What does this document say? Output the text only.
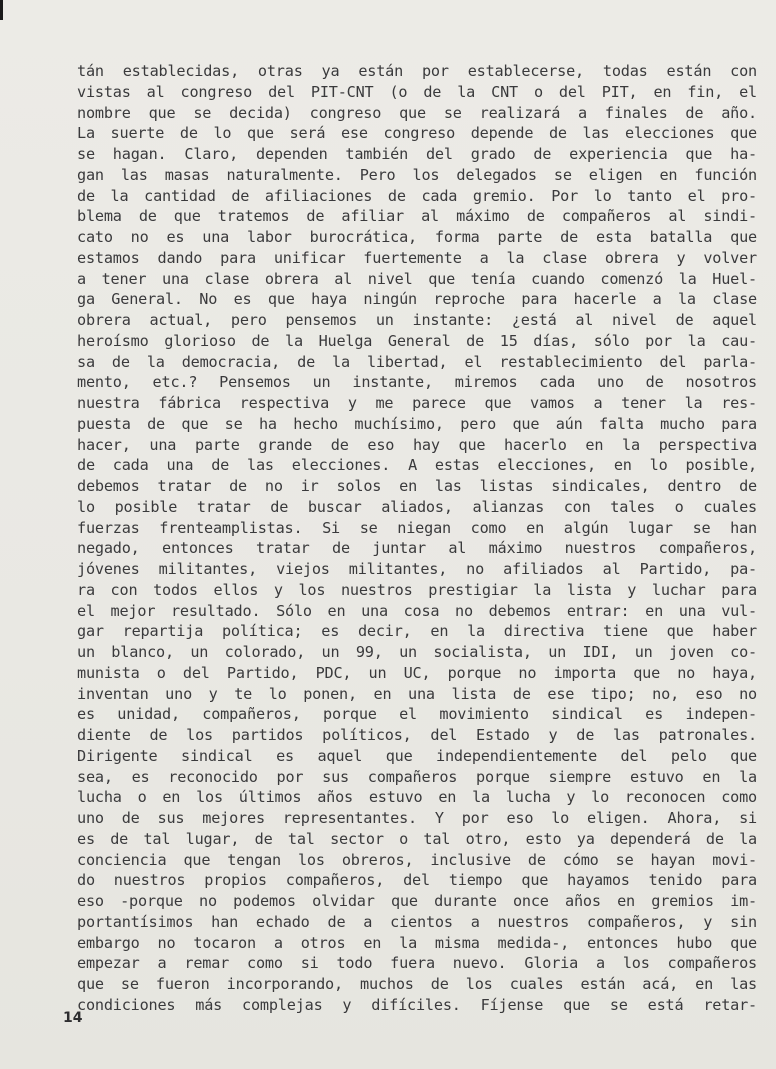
tán establecidas, otras ya están por establecerse, todas están con
vistas al congreso del PIT-CNT (o de la CNT o del PIT, en fin, el
nombre que se decida) congreso que se realizará a finales de año.
La suerte de lo que será ese congreso depende de las elecciones que
se hagan. Claro, dependen también del grado de experiencia que ha-
gan las masas naturalmente. Pero los delegados se eligen en función
de la cantidad de afiliaciones de cada gremio. Por lo tanto el pro-
blema de que tratemos de afiliar al máximo de compañeros al sindi-
cato no es una labor burocrática, forma parte de esta batalla que
estamos dando para unificar fuertemente a la clase obrera y volver
a tener una clase obrera al nivel que tenía cuando comenzó la Huel-
ga General. No es que haya ningún reproche para hacerle a la clase
obrera actual, pero pensemos un instante: ¿está al nivel de aquel
heroísmo glorioso de la Huelga General de 15 días, sólo por la cau-
sa de la democracia, de la libertad, el restablecimiento del parla-
mento, etc.? Pensemos un instante, miremos cada uno de nosotros
nuestra fábrica respectiva y me parece que vamos a tener la res-
puesta de que se ha hecho muchísimo, pero que aún falta mucho para
hacer, una parte grande de eso hay que hacerlo en la perspectiva
de cada una de las elecciones. A estas elecciones, en lo posible,
debemos tratar de no ir solos en las listas sindicales, dentro de
lo posible tratar de buscar aliados, alianzas con tales o cuales
fuerzas frenteamplistas. Si se niegan como en algún lugar se han
negado, entonces tratar de juntar al máximo nuestros compañeros,
jóvenes militantes, viejos militantes, no afiliados al Partido, pa-
ra con todos ellos y los nuestros prestigiar la lista y luchar para
el mejor resultado. Sólo en una cosa no debemos entrar: en una vul-
gar repartija política; es decir, en la directiva tiene que haber
un blanco, un colorado, un 99, un socialista, un IDI, un joven co-
munista o del Partido, PDC, un UC, porque no importa que no haya,
inventan uno y te lo ponen, en una lista de ese tipo; no, eso no
es unidad, compañeros, porque el movimiento sindical es indepen-
diente de los partidos políticos, del Estado y de las patronales.
Dirigente sindical es aquel que independientemente del pelo que
sea, es reconocido por sus compañeros porque siempre estuvo en la
lucha o en los últimos años estuvo en la lucha y lo reconocen como
uno de sus mejores representantes. Y por eso lo eligen. Ahora, si
es de tal lugar, de tal sector o tal otro, esto ya dependerá de la
conciencia que tengan los obreros, inclusive de cómo se hayan movi-
do nuestros propios compañeros, del tiempo que hayamos tenido para
eso -porque no podemos olvidar que durante once años en gremios im-
portantísimos han echado de a cientos a nuestros compañeros, y sin
embargo no tocaron a otros en la misma medida-, entonces hubo que
empezar a remar como si todo fuera nuevo. Gloria a los compañeros
que se fueron incorporando, muchos de los cuales están acá, en las
condiciones más complejas y difíciles. Fíjense que se está retar-
14
